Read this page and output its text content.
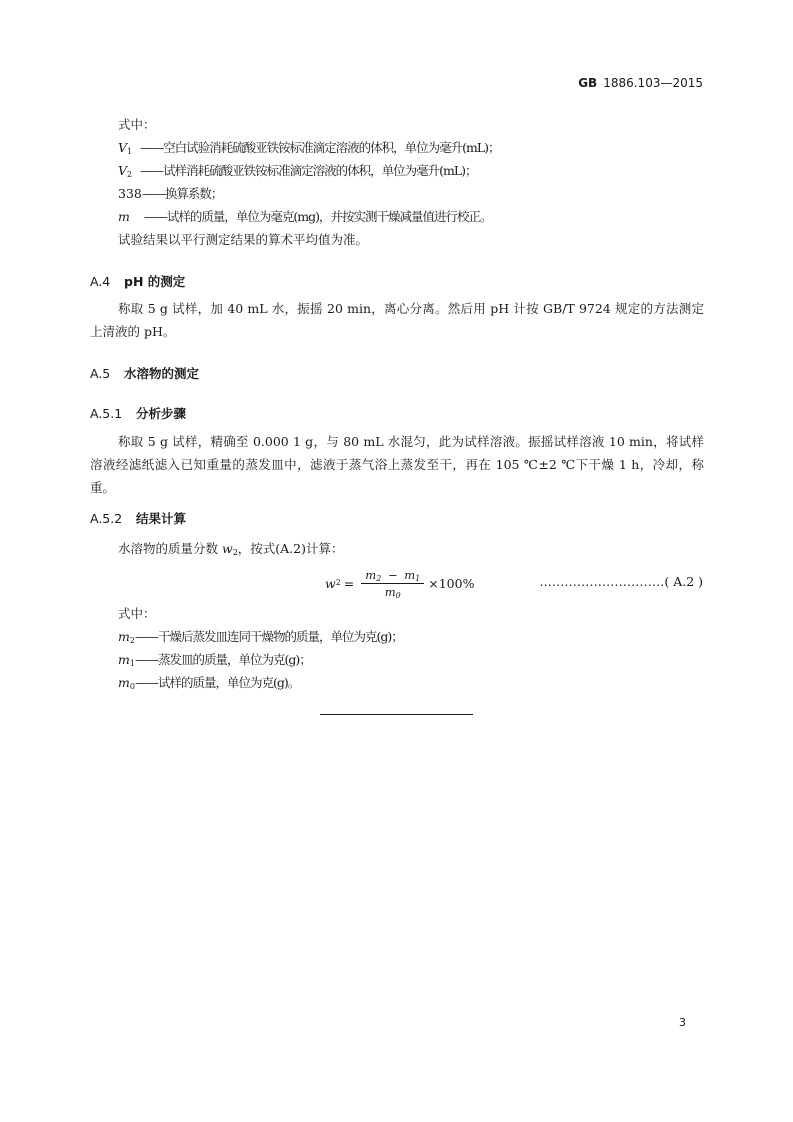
GB 1886.103—2015
式中：
$V_1$ ——空白试验消耗硫酸亚铁铵标准滴定溶液的体积，单位为毫升(mL)；
$V_2$ ——试样消耗硫酸亚铁铵标准滴定溶液的体积，单位为毫升(mL)；
338——换算系数；
m ——试样的质量，单位为毫克(mg)，并按实测干燥减量值进行校正。
试验结果以平行测定结果的算术平均值为准。
A.4 pH 的测定
称取 5 g 试样，加 40 mL 水，振摇 20 min，离心分离。然后用 pH 计按 GB/T 9724 规定的方法测定上清液的 pH。
A.5 水溶物的测定
A.5.1 分析步骤
称取 5 g 试样，精确至 0.000 1 g，与 80 mL 水混匀，此为试样溶液。振摇试样溶液 10 min，将试样溶液经滤纸滤入已知重量的蒸发皿中，滤液于蒸气浴上蒸发至干，再在 105 ℃±2 ℃下干燥 1 h，冷却，称重。
A.5.2 结果计算
水溶物的质量分数 $w_2$，按式(A.2)计算：
w $2 = \frac{m_2 - m_1}{m_0} \times 100\%$	…………………………( A.2 )
式中：
$m_2——$干燥后蒸发皿连同干燥物的质量，单位为克(g)；
$m_1——$蒸发皿的质量，单位为克(g)；
$m_0——$试样的质量，单位为克(g)。
3
